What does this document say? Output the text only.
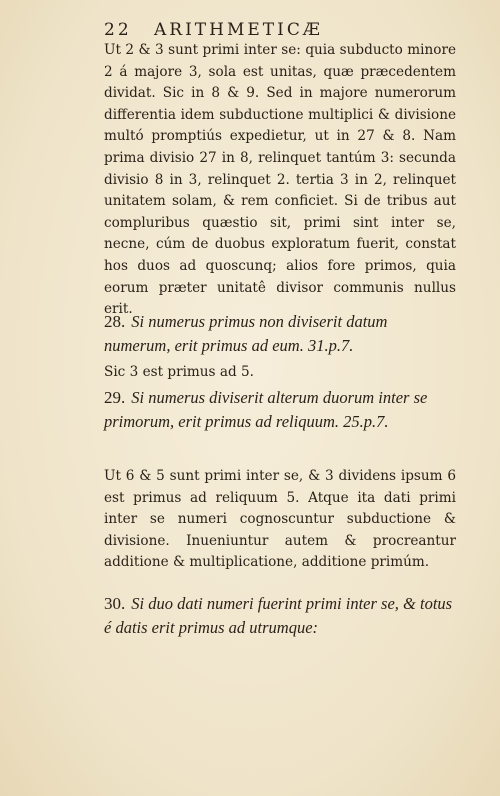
22 ARITHMETICÆ

Ut 2 & 3 sunt primi inter se: quia subducto minore 2 á majore 3, sola est unitas, quæ præcedentem dividat. Sic in 8 & 9. Sed in majore numerorum differentia idem subductione multiplici & divisione multó promptiús expedietur, ut in 27 & 8. Nam prima divisio 27 in 8, relinquet tantúm 3: secunda divisio 8 in 3, relinquet 2. tertia 3 in 2, relinquet unitatem solam, & rem conficiet. Si de tribus aut compluribus quæstio sit, primi sint inter se, necne, cúm de duobus exploratum fuerit, constat hos duos ad quoscunq; alios fore primos, quia eorum præter unitatê divisor communis nullus erit.

28. Si numerus primus non diviserit datum numerum, erit primus ad eum. 31.p.7.

Sic 3 est primus ad 5.

29. Si numerus diviserit alterum duorum inter se primorum, erit primus ad reliquum. 25.p.7.

Ut 6 & 5 sunt primi inter se, & 3 dividens ipsum 6 est primus ad reliquum 5. Atque ita dati primi inter se numeri cognoscuntur subductione & divisione. Inueniuntur autem & procreantur additione & multiplicatione, additione primúm.

30. Si duo dati numeri fuerint primi inter se, & totus é datis erit primus ad utrumque:
